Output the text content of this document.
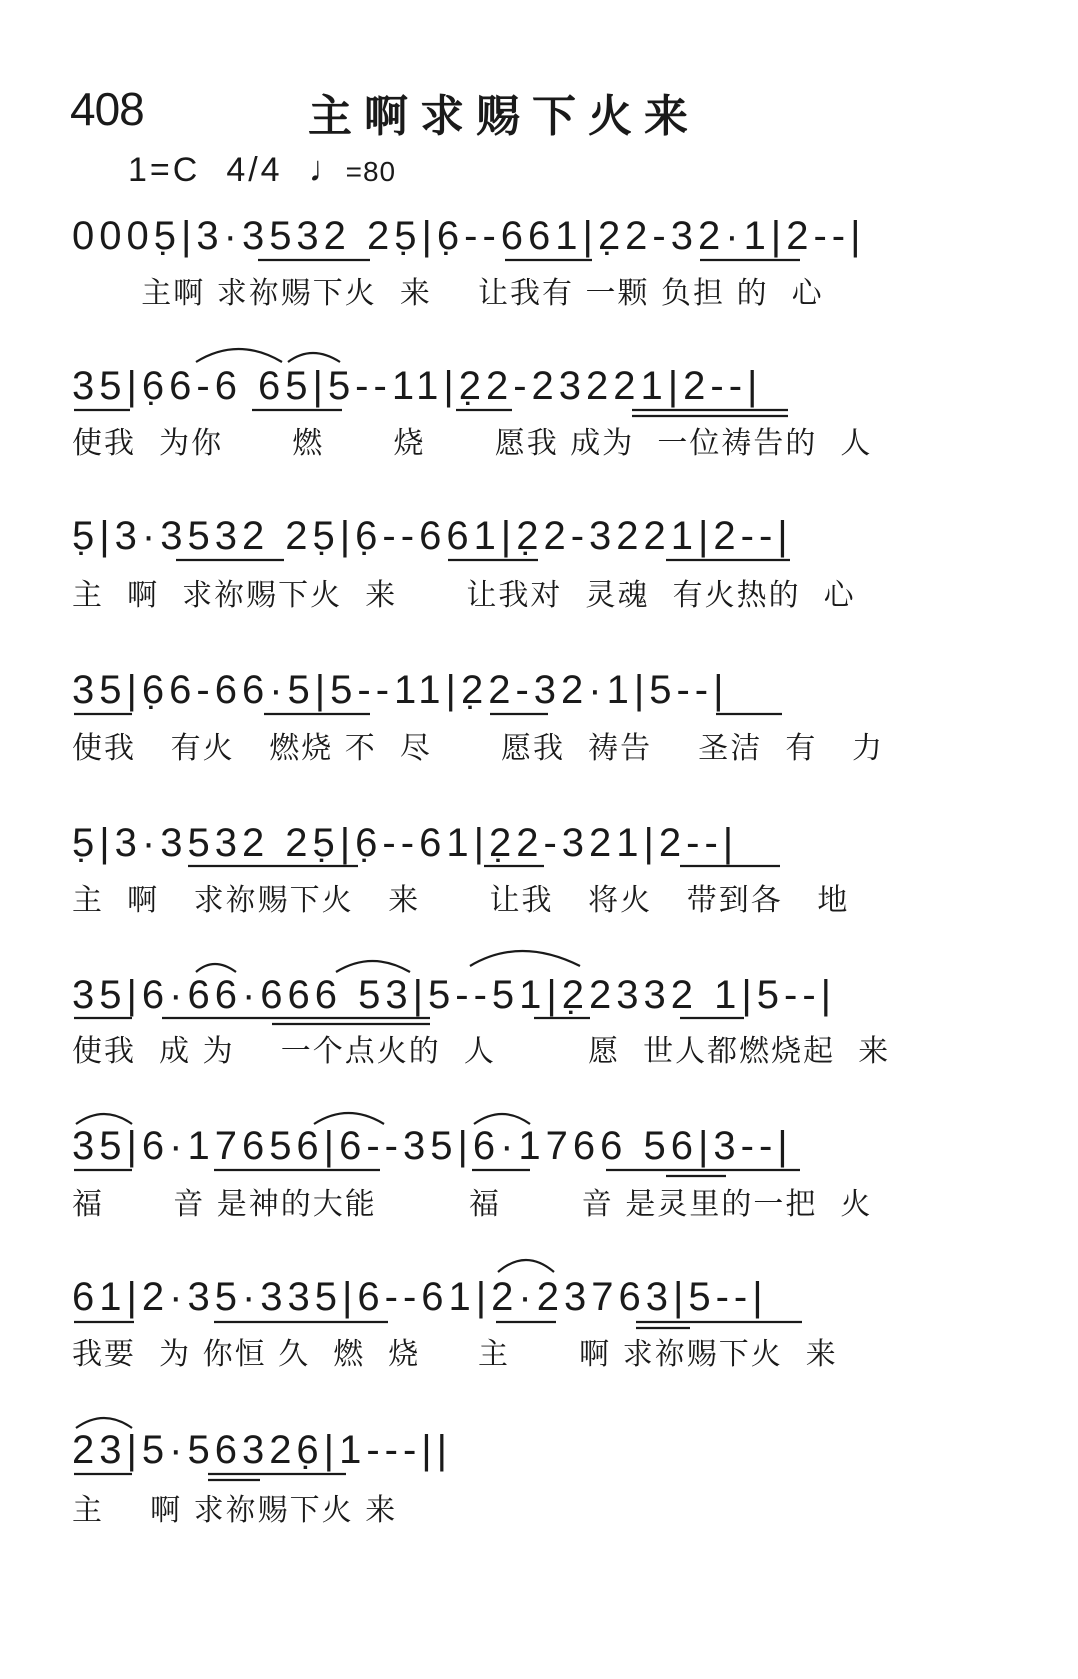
408	主啊求赐下火来
1=C 4/4 ♩=80
0005̣|3·3532 25̣|6̣--661|2̣2-32·1|2--|
主啊 求祢赐下火  来    让我有 一颗 负担 的  心
35|6̣6-6 65|5--11|2̣2-23221|2--|
使我  为你      燃      烧      愿我 成为  一位祷告的  人
5̣|3·3532 25̣|6̣--661|2̣2-3221|2--|
主  啊  求祢赐下火  来      让我对  灵魂  有火热的  心
35|6̣6-66·5|5--11|2̣2-32·1|5--|
使我   有火   燃烧 不  尽      愿我  祷告    圣洁  有   力
5̣|3·3532 25̣|6̣--61|2̣2-321|2--|
主  啊   求祢赐下火   来      让我   将火   带到各   地
35|6·66·666 53|5--51|2̣2332 1|5--|
使我  成 为    一个点火的  人        愿  世人都燃烧起  来
35|6·17656|6--35|6·1766 56|3--|
福      音 是神的大能        福       音 是灵里的一把  火
61|2·35·335|6--61|2·23763|5--|
我要  为 你恒 久  燃  烧     主      啊 求祢赐下火  来
23|5·56326̣|1---||
主    啊 求祢赐下火 来
